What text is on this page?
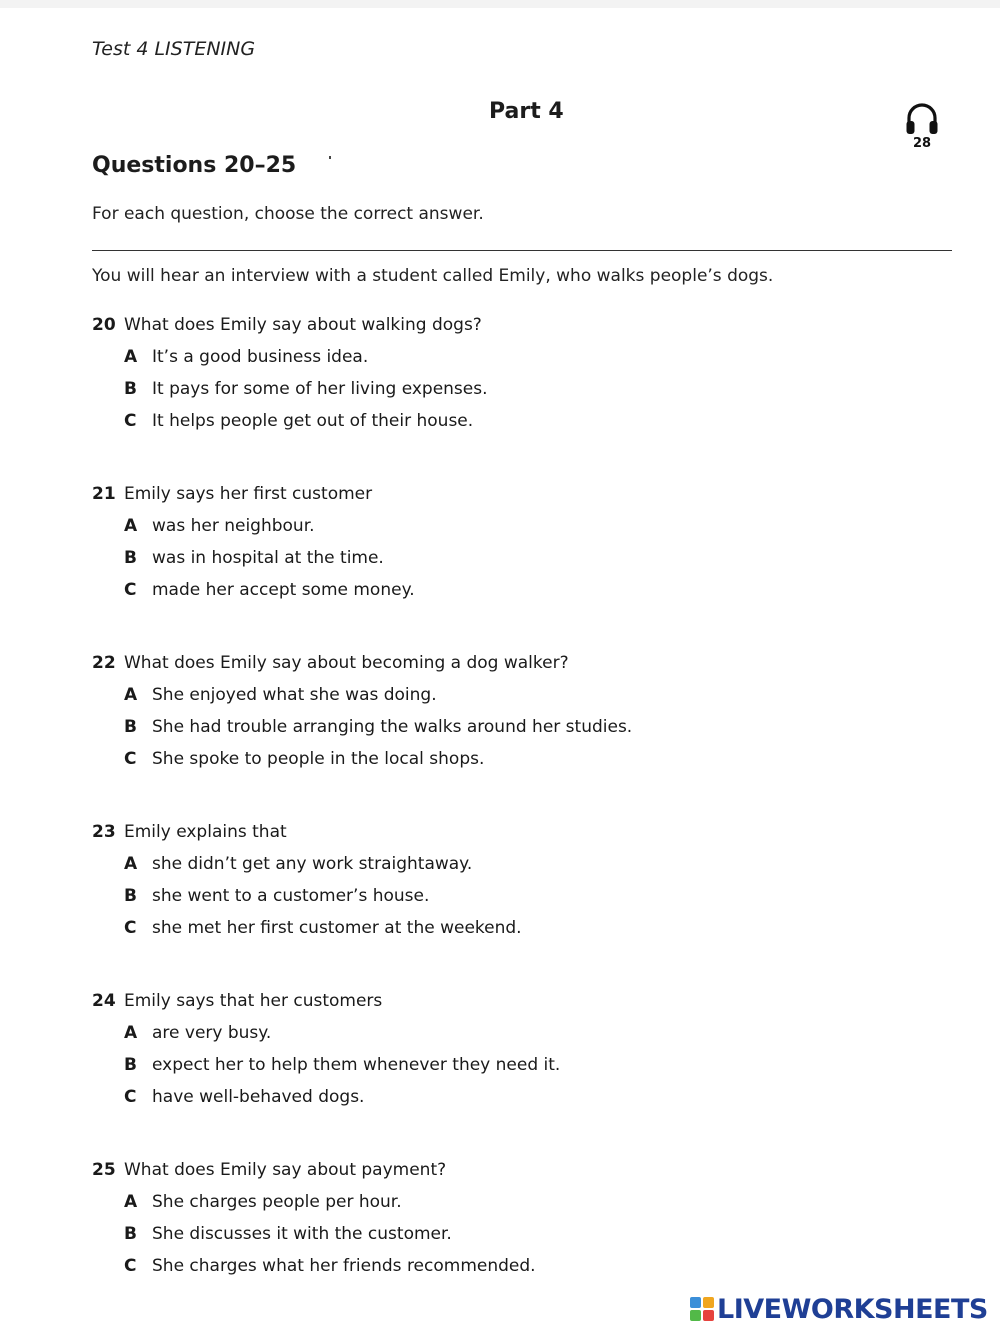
Test 4 LISTENING
Part 4
28
Questions 20–25
For each question, choose the correct answer.
You will hear an interview with a student called Emily, who walks people’s dogs.
20 What does Emily say about walking dogs?
A It’s a good business idea.
B It pays for some of her living expenses.
C It helps people get out of their house.
21 Emily says her first customer
A was her neighbour.
B was in hospital at the time.
C made her accept some money.
22 What does Emily say about becoming a dog walker?
A She enjoyed what she was doing.
B She had trouble arranging the walks around her studies.
C She spoke to people in the local shops.
23 Emily explains that
A she didn’t get any work straightaway.
B she went to a customer’s house.
C she met her first customer at the weekend.
24 Emily says that her customers
A are very busy.
B expect her to help them whenever they need it.
C have well-behaved dogs.
25 What does Emily say about payment?
A She charges people per hour.
B She discusses it with the customer.
C She charges what her friends recommended.
LIVEWORKSHEETS
